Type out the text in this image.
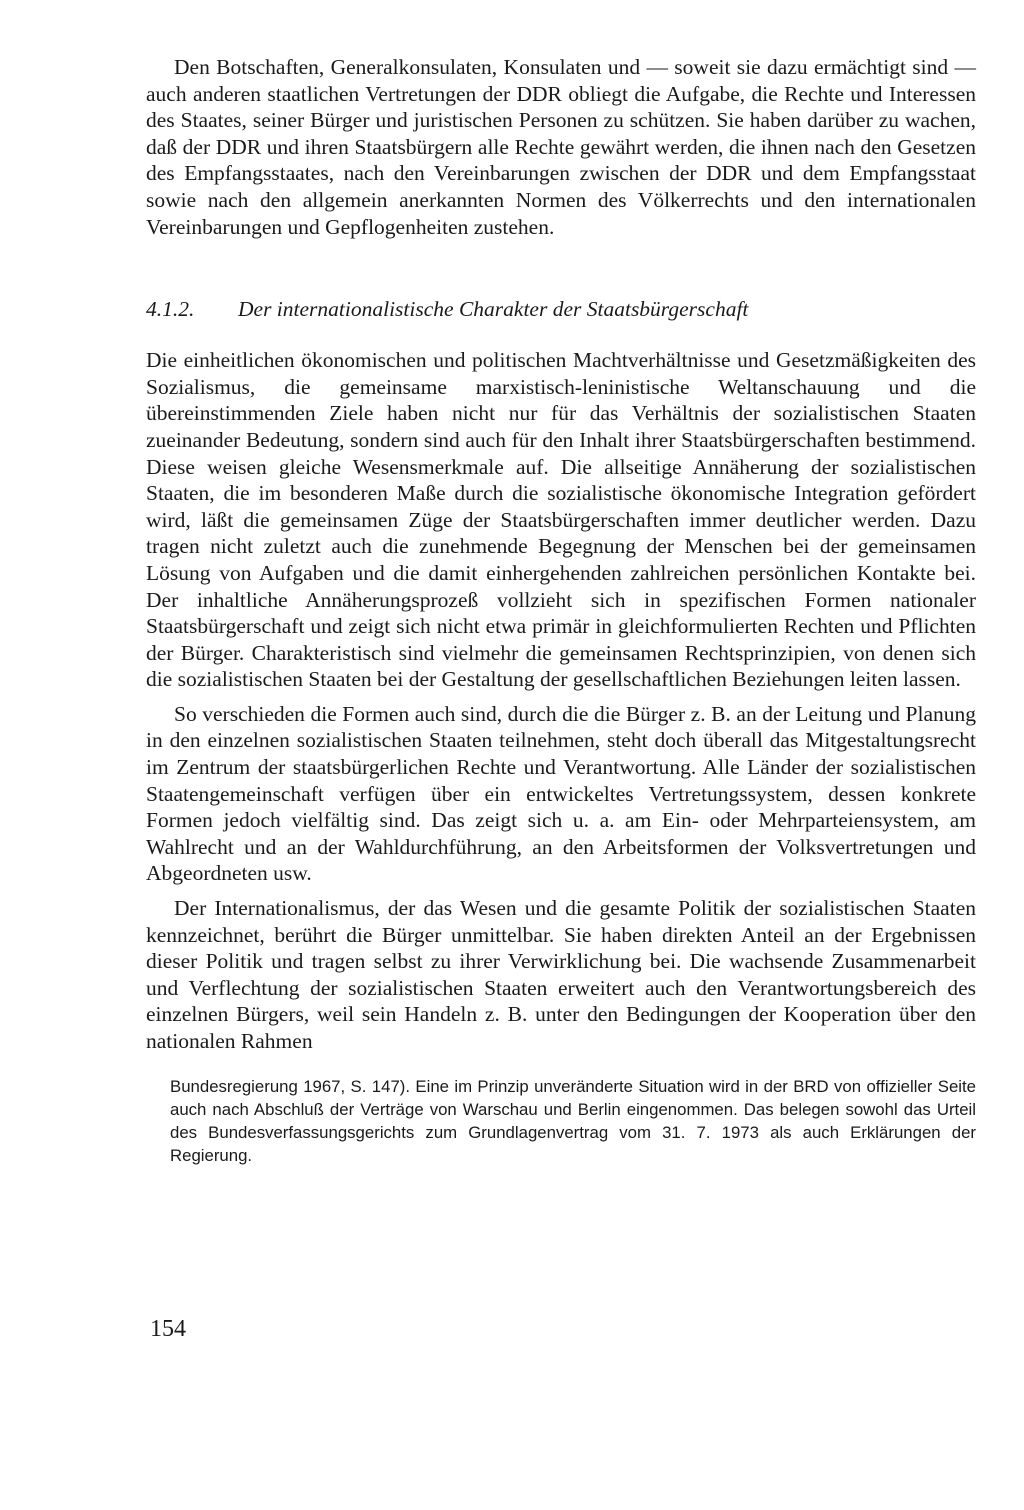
Den Botschaften, Generalkonsulaten, Konsulaten und — soweit sie dazu ermächtigt sind — auch anderen staatlichen Vertretungen der DDR obliegt die Aufgabe, die Rechte und Interessen des Staates, seiner Bürger und juristischen Personen zu schützen. Sie haben darüber zu wachen, daß der DDR und ihren Staatsbürgern alle Rechte gewährt werden, die ihnen nach den Gesetzen des Empfangsstaates, nach den Vereinbarungen zwischen der DDR und dem Empfangsstaat sowie nach den allgemein anerkannten Normen des Völkerrechts und den internationalen Vereinbarungen und Gepflogenheiten zustehen.

4.1.2. Der internationalistische Charakter der Staatsbürgerschaft

Die einheitlichen ökonomischen und politischen Machtverhältnisse und Gesetzmäßigkeiten des Sozialismus, die gemeinsame marxistisch-leninistische Weltanschauung und die übereinstimmenden Ziele haben nicht nur für das Verhältnis der sozialistischen Staaten zueinander Bedeutung, sondern sind auch für den Inhalt ihrer Staatsbürgerschaften bestimmend. Diese weisen gleiche Wesensmerkmale auf. Die allseitige Annäherung der sozialistischen Staaten, die im besonderen Maße durch die sozialistische ökonomische Integration gefördert wird, läßt die gemeinsamen Züge der Staatsbürgerschaften immer deutlicher werden. Dazu tragen nicht zuletzt auch die zunehmende Begegnung der Menschen bei der gemeinsamen Lösung von Aufgaben und die damit einhergehenden zahlreichen persönlichen Kontakte bei. Der inhaltliche Annäherungsprozeß vollzieht sich in spezifischen Formen nationaler Staatsbürgerschaft und zeigt sich nicht etwa primär in gleichformulierten Rechten und Pflichten der Bürger. Charakteristisch sind vielmehr die gemeinsamen Rechtsprinzipien, von denen sich die sozialistischen Staaten bei der Gestaltung der gesellschaftlichen Beziehungen leiten lassen.

So verschieden die Formen auch sind, durch die die Bürger z. B. an der Leitung und Planung in den einzelnen sozialistischen Staaten teilnehmen, steht doch überall das Mitgestaltungsrecht im Zentrum der staatsbürgerlichen Rechte und Verantwortung. Alle Länder der sozialistischen Staatengemeinschaft verfügen über ein entwickeltes Vertretungssystem, dessen konkrete Formen jedoch vielfältig sind. Das zeigt sich u. a. am Ein- oder Mehrparteiensystem, am Wahlrecht und an der Wahldurchführung, an den Arbeitsformen der Volksvertretungen und Abgeordneten usw.

Der Internationalismus, der das Wesen und die gesamte Politik der sozialistischen Staaten kennzeichnet, berührt die Bürger unmittelbar. Sie haben direkten Anteil an der Ergebnissen dieser Politik und tragen selbst zu ihrer Verwirklichung bei. Die wachsende Zusammenarbeit und Verflechtung der sozialistischen Staaten erweitert auch den Verantwortungsbereich des einzelnen Bürgers, weil sein Handeln z. B. unter den Bedingungen der Kooperation über den nationalen Rahmen

Bundesregierung 1967, S. 147). Eine im Prinzip unveränderte Situation wird in der BRD von offizieller Seite auch nach Abschluß der Verträge von Warschau und Berlin eingenommen. Das belegen sowohl das Urteil des Bundesverfassungsgerichts zum Grundlagenvertrag vom 31. 7. 1973 als auch Erklärungen der Regierung.

154
